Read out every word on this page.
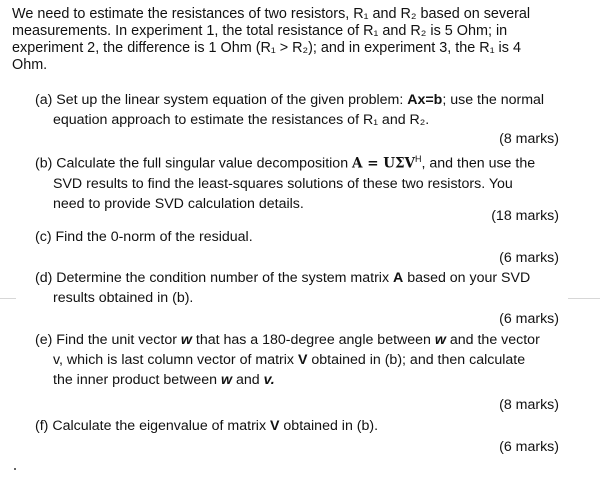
We need to estimate the resistances of two resistors, R₁ and R₂ based on several
measurements. In experiment 1, the total resistance of R₁ and R₂ is 5 Ohm; in
experiment 2, the difference is 1 Ohm (R₁ > R₂); and in experiment 3, the R₁ is 4
Ohm.

(a) Set up the linear system equation of the given problem: Ax=b; use the normal
equation approach to estimate the resistances of R₁ and R₂.
(8 marks)
(b) Calculate the full singular value decomposition $A = U\Sigma V^H$, and then use the
SVD results to find the least-squares solutions of these two resistors. You
need to provide SVD calculation details.
(18 marks)
(c) Find the 0-norm of the residual.
(6 marks)
(d) Determine the condition number of the system matrix A based on your SVD
results obtained in (b).
(6 marks)
(e) Find the unit vector w that has a 180-degree angle between w and the vector
v, which is last column vector of matrix V obtained in (b); and then calculate
the inner product between w and v.
(8 marks)
(f) Calculate the eigenvalue of matrix V obtained in (b).
(6 marks)
